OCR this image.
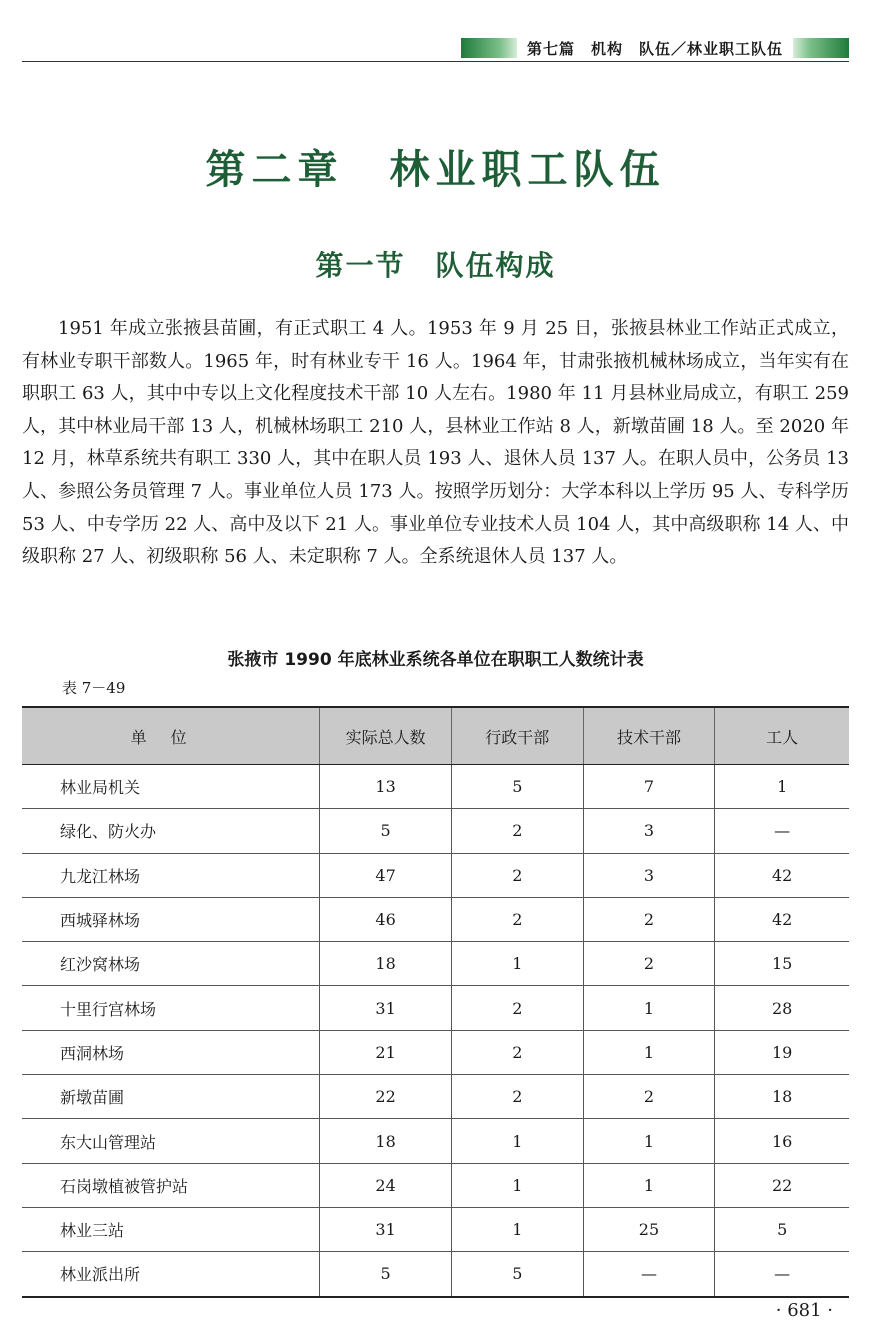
第七篇　机构　队伍／林业职工队伍
第二章　林业职工队伍
第一节　队伍构成

1951 年成立张掖县苗圃，有正式职工 4 人。1953 年 9 月 25 日，张掖县林业工作站正式成立，有林业专职干部数人。1965 年，时有林业专干 16 人。1964 年，甘肃张掖机械林场成立，当年实有在职职工 63 人，其中中专以上文化程度技术干部 10 人左右。1980 年 11 月县林业局成立，有职工 259 人，其中林业局干部 13 人，机械林场职工 210 人，县林业工作站 8 人，新墩苗圃 18 人。至 2020 年 12 月，林草系统共有职工 330 人，其中在职人员 193 人、退休人员 137 人。在职人员中，公务员 13 人、参照公务员管理 7 人。事业单位人员 173 人。按照学历划分：大学本科以上学历 95 人、专科学历 53 人、中专学历 22 人、高中及以下 21 人。事业单位专业技术人员 104 人，其中高级职称 14 人、中级职称 27 人、初级职称 56 人、未定职称 7 人。全系统退休人员 137 人。

张掖市 1990 年底林业系统各单位在职职工人数统计表
表 7－49
单位	实际总人数	行政干部	技术干部	工人
林业局机关	13	5	7	1
绿化、防火办	5	2	3	—
九龙江林场	47	2	3	42
西城驿林场	46	2	2	42
红沙窝林场	18	1	2	15
十里行宫林场	31	2	1	28
西洞林场	21	2	1	19
新墩苗圃	22	2	2	18
东大山管理站	18	1	1	16
石岗墩植被管护站	24	1	1	22
林业三站	31	1	25	5
林业派出所	5	5	—	—
· 681 ·
